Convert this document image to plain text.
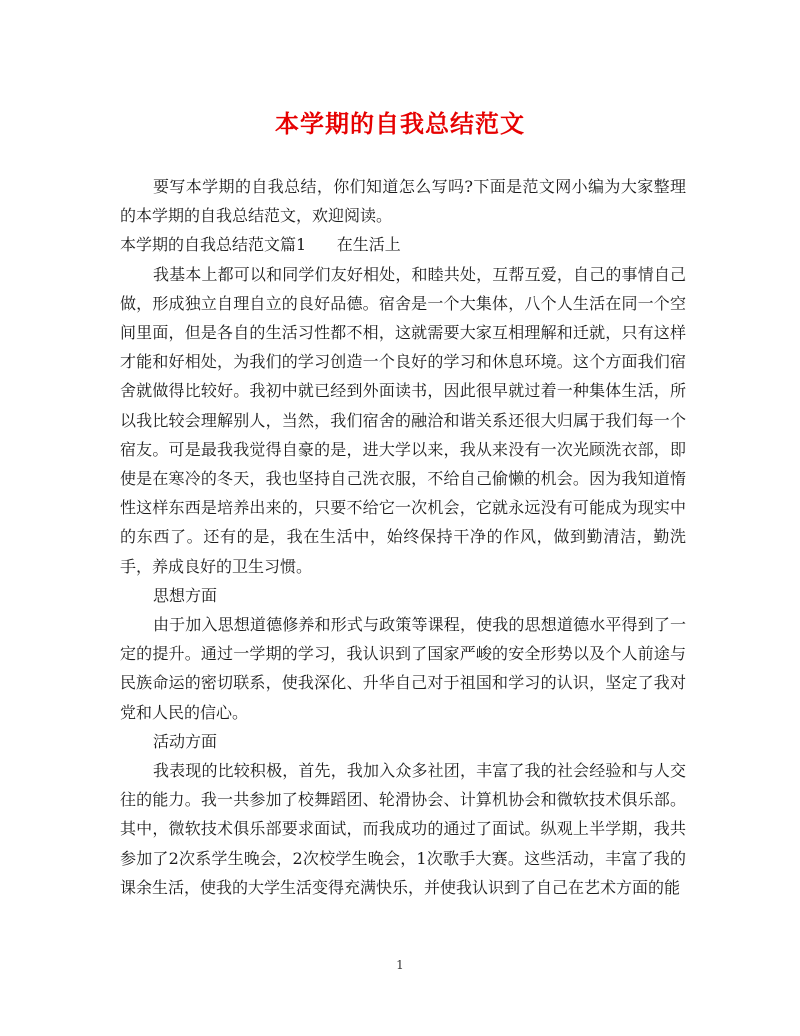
本学期的自我总结范文

要写本学期的自我总结，你们知道怎么写吗?下面是范文网小编为大家整理的本学期的自我总结范文，欢迎阅读。

本学期的自我总结范文篇1 在生活上

我基本上都可以和同学们友好相处，和睦共处，互帮互爱，自己的事情自己做，形成独立自理自立的良好品德。宿舍是一个大集体，八个人生活在同一个空间里面，但是各自的生活习性都不相，这就需要大家互相理解和迁就，只有这样才能和好相处，为我们的学习创造一个良好的学习和休息环境。这个方面我们宿舍就做得比较好。我初中就已经到外面读书，因此很早就过着一种集体生活，所以我比较会理解别人，当然，我们宿舍的融洽和谐关系还很大归属于我们每一个宿友。可是最我我觉得自豪的是，进大学以来，我从来没有一次光顾洗衣部，即使是在寒冷的冬天，我也坚持自己洗衣服，不给自己偷懒的机会。因为我知道惰性这样东西是培养出来的，只要不给它一次机会，它就永远没有可能成为现实中的东西了。还有的是，我在生活中，始终保持干净的作风，做到勤清洁，勤洗手，养成良好的卫生习惯。

思想方面

由于加入思想道德修养和形式与政策等课程，使我的思想道德水平得到了一定的提升。通过一学期的学习，我认识到了国家严峻的安全形势以及个人前途与民族命运的密切联系，使我深化、升华自己对于祖国和学习的认识，坚定了我对党和人民的信心。

活动方面

我表现的比较积极，首先，我加入众多社团，丰富了我的社会经验和与人交往的能力。我一共参加了校舞蹈团、轮滑协会、计算机协会和微软技术俱乐部。其中，微软技术俱乐部要求面试，而我成功的通过了面试。纵观上半学期，我共参加了2次系学生晚会，2次校学生晚会，1次歌手大赛。这些活动，丰富了我的课余生活，使我的大学生活变得充满快乐，并使我认识到了自己在艺术方面的能

1
